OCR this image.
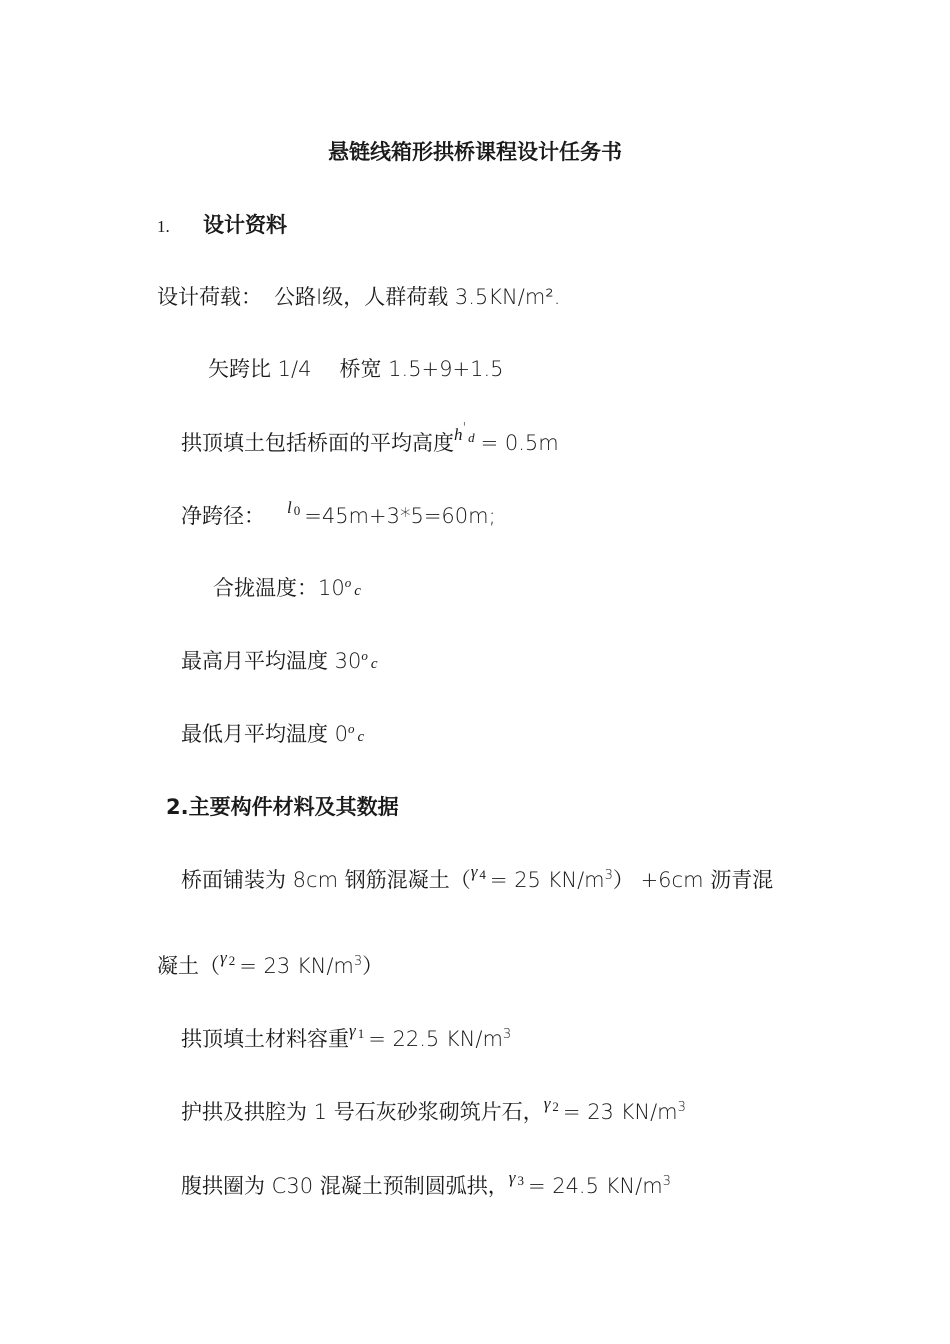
悬链线箱形拱桥课程设计任务书
1. 设计资料
设计荷载： 公路Ⅰ级，人群荷载 3.5KN/m².
矢跨比 1/4 桥宽 1.5+9+1.5
拱顶填土包括桥面的平均高度h'd = 0.5m
净跨径： l 0 =45m+3*5=60m;
合拢温度：10$^o$c
最高月平均温度 30$^o$c
最低月平均温度 0$^o$c
2.主要构件材料及其数据
桥面铺装为 8cm 钢筋混凝土（γ 4 = 25 $KN/m^3) +6cm$ 沥青混
凝土（γ 2 = 23 $KN/m^3$）
拱顶填土材料容重γ 1 = 22.5 $KN/m^3$
护拱及拱腔为 1 号石灰砂浆砌筑片石，γ 2 = 23 $KN/m^3$
腹拱圈为 C30 混凝土预制圆弧拱，γ 3 = 24.5 $KN/m^3$
